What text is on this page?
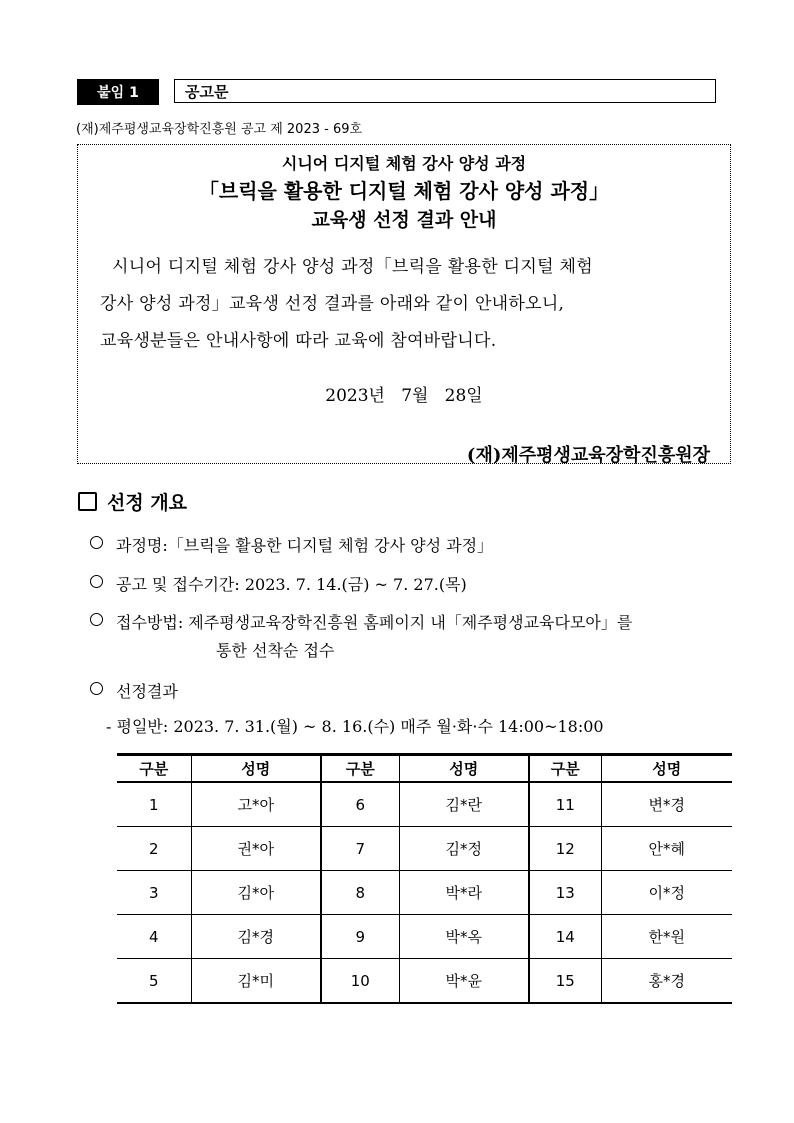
붙임 1	공고문
(재)제주평생교육장학진흥원 공고 제 2023 - 69호
시니어 디지털 체험 강사 양성 과정
「브릭을 활용한 디지털 체험 강사 양성 과정」
교육생 선정 결과 안내
시니어 디지털 체험 강사 양성 과정「브릭을 활용한 디지털 체험
강사 양성 과정」교육생 선정 결과를 아래와 같이 안내하오니,
교육생분들은 안내사항에 따라 교육에 참여바랍니다.
2023년   7월   28일
(재)제주평생교육장학진흥원장
선정 개요
과정명:「브릭을 활용한 디지털 체험 강사 양성 과정」
공고 및 접수기간: 2023. 7. 14.(금) ~ 7. 27.(목)
접수방법: 제주평생교육장학진흥원 홈페이지 내「제주평생교육다모아」를
통한 선착순 접수
선정결과
- 평일반: 2023. 7. 31.(월) ~ 8. 16.(수) 매주 월·화·수 14:00~18:00
구분	성명	구분	성명	구분	성명
1	고*아	6	김*란	11	변*경
2	권*아	7	김*정	12	안*혜
3	김*아	8	박*라	13	이*정
4	김*경	9	박*옥	14	한*원
5	김*미	10	박*윤	15	홍*경
